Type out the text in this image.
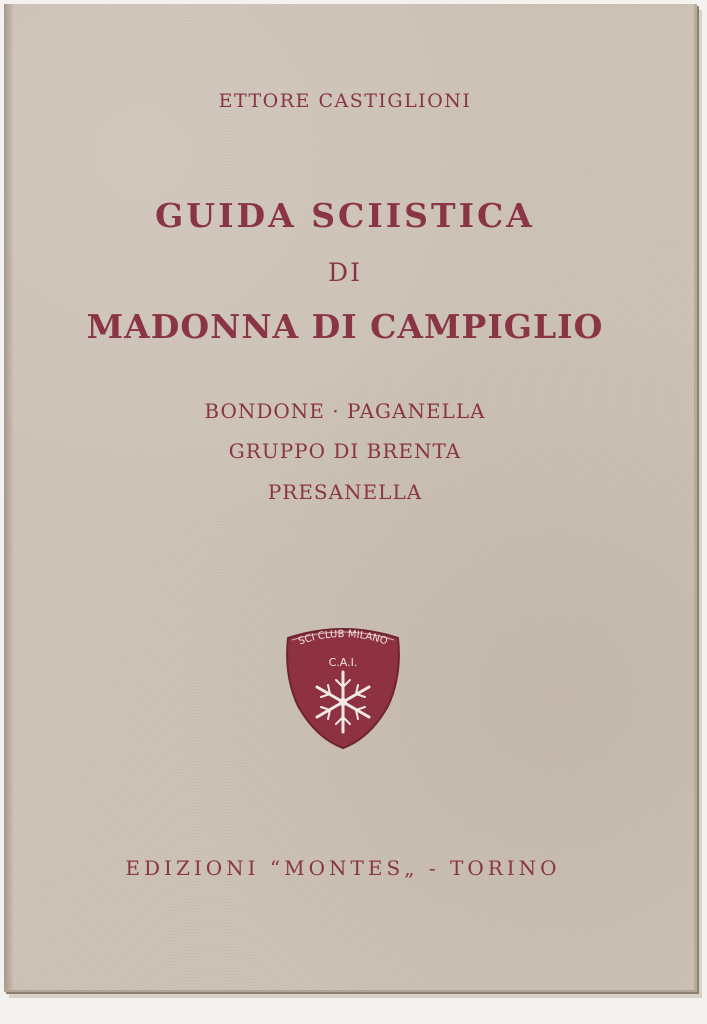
ETTORE CASTIGLIONI
GUIDA SCIISTICA
DI
MADONNA DI CAMPIGLIO
BONDONE · PAGANELLA
GRUPPO DI BRENTA
PRESANELLA
SCI CLUB MILANO
C.A.I.
EDIZIONI “MONTES„ - TORINO
